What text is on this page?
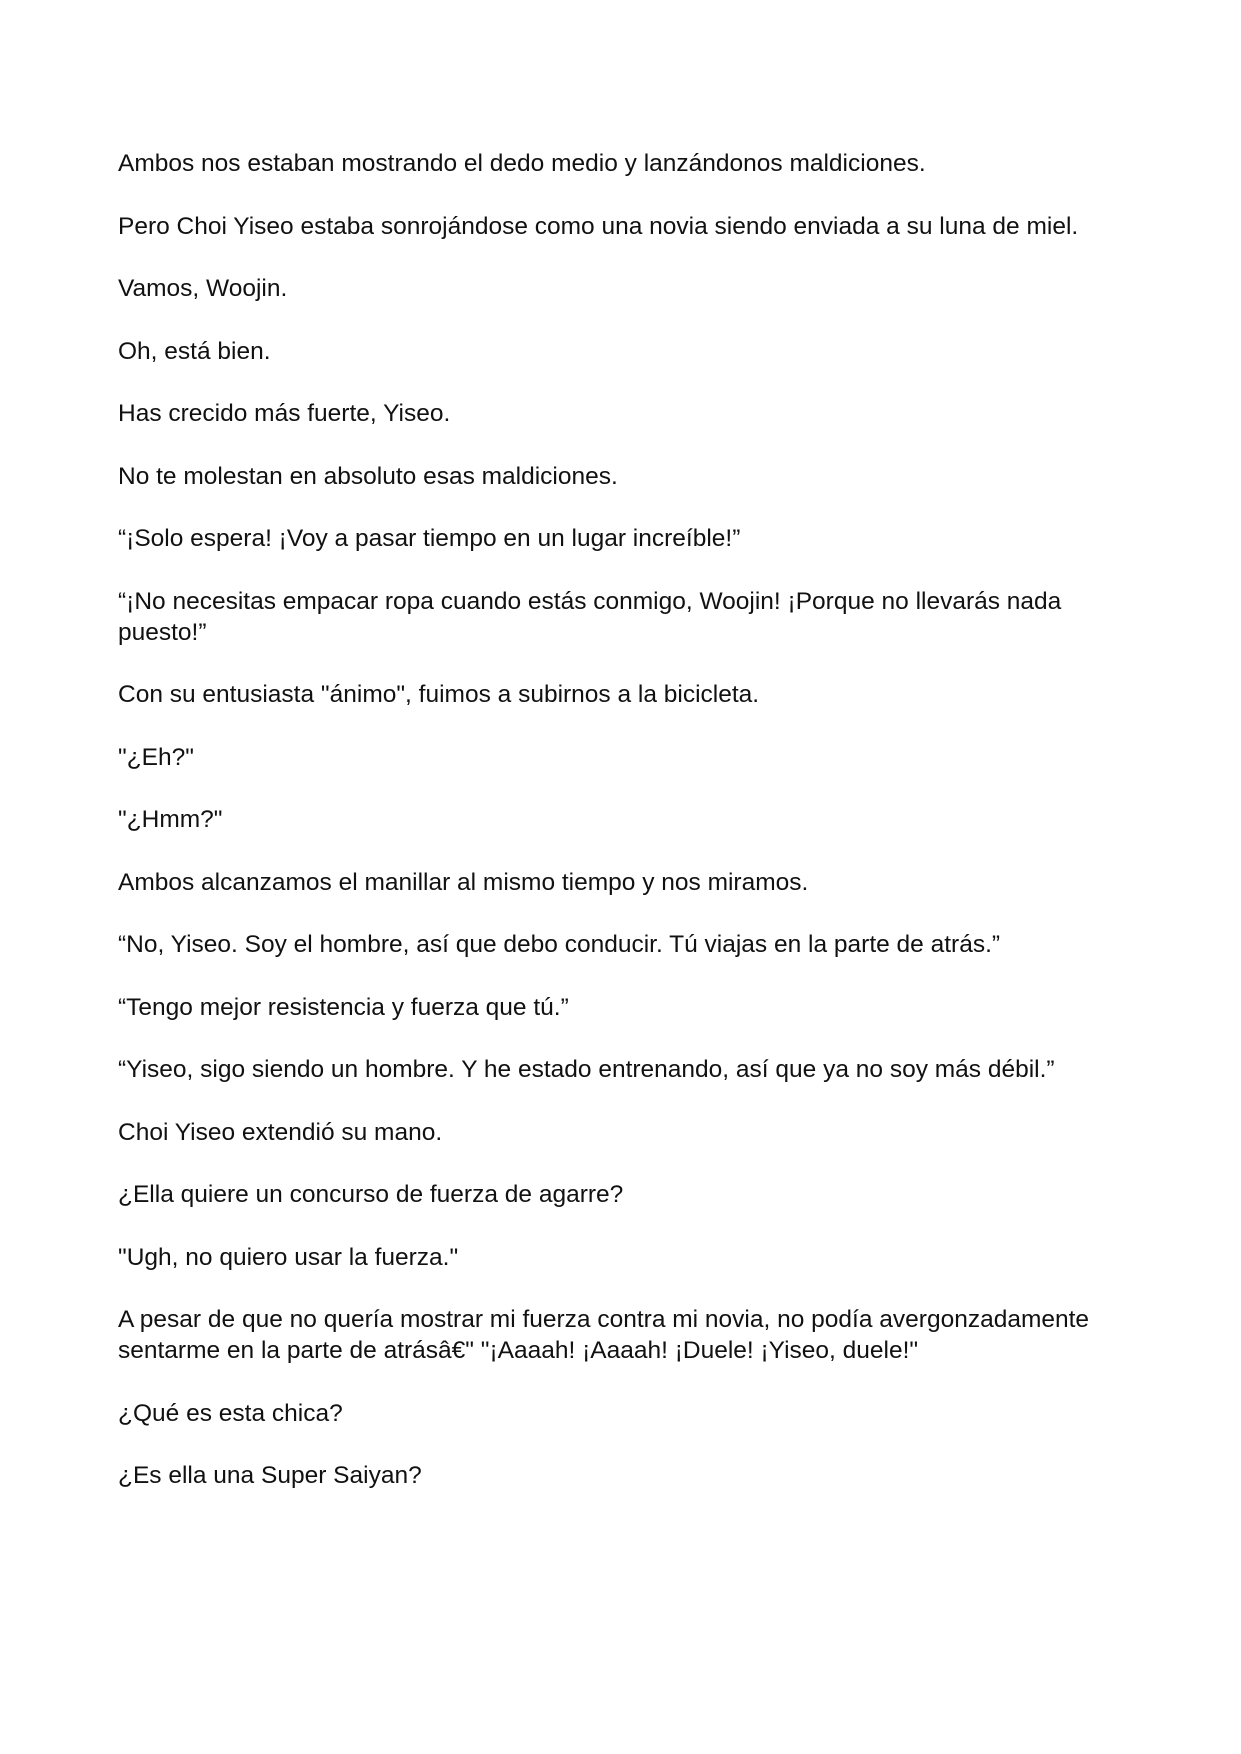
Ambos nos estaban mostrando el dedo medio y lanzándonos maldiciones.

Pero Choi Yiseo estaba sonrojándose como una novia siendo enviada a su luna de miel.

Vamos, Woojin.

Oh, está bien.

Has crecido más fuerte, Yiseo.

No te molestan en absoluto esas maldiciones.

“¡Solo espera! ¡Voy a pasar tiempo en un lugar increíble!”

“¡No necesitas empacar ropa cuando estás conmigo, Woojin! ¡Porque no llevarás nada puesto!”

Con su entusiasta "ánimo", fuimos a subirnos a la bicicleta.

"¿Eh?"

"¿Hmm?"

Ambos alcanzamos el manillar al mismo tiempo y nos miramos.

“No, Yiseo. Soy el hombre, así que debo conducir. Tú viajas en la parte de atrás.”

“Tengo mejor resistencia y fuerza que tú.”

“Yiseo, sigo siendo un hombre. Y he estado entrenando, así que ya no soy más débil.”

Choi Yiseo extendió su mano.

¿Ella quiere un concurso de fuerza de agarre?

"Ugh, no quiero usar la fuerza."

A pesar de que no quería mostrar mi fuerza contra mi novia, no podía avergonzadamente sentarme en la parte de atrásâ€" "¡Aaaah! ¡Aaaah! ¡Duele! ¡Yiseo, duele!"

¿Qué es esta chica?

¿Es ella una Super Saiyan?
